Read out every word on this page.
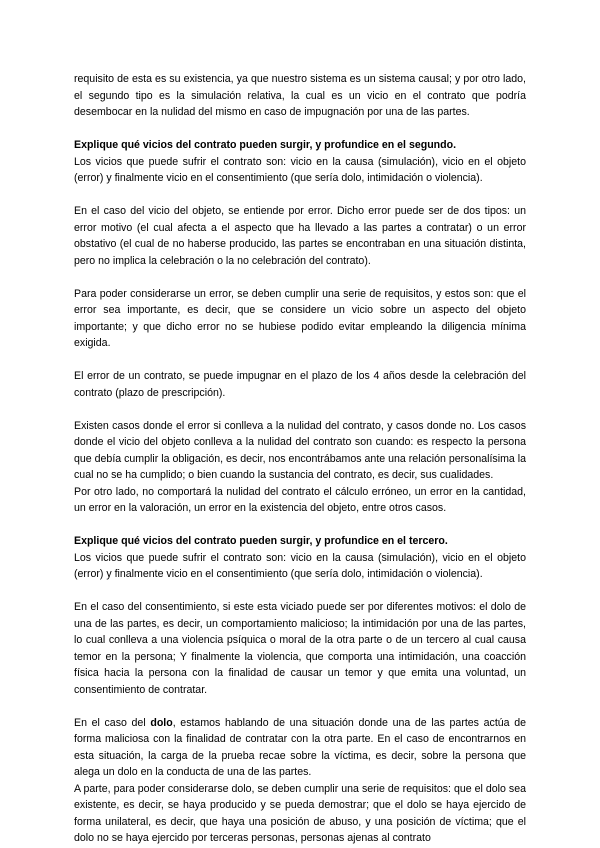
requisito de esta es su existencia, ya que nuestro sistema es un sistema causal; y por otro lado, el segundo tipo es la simulación relativa, la cual es un vicio en el contrato que podría desembocar en la nulidad del mismo en caso de impugnación por una de las partes.

Explique qué vicios del contrato pueden surgir, y profundice en el segundo.

Los vicios que puede sufrir el contrato son: vicio en la causa (simulación), vicio en el objeto (error) y finalmente vicio en el consentimiento (que sería dolo, intimidación o violencia).

En el caso del vicio del objeto, se entiende por error. Dicho error puede ser de dos tipos: un error motivo (el cual afecta a el aspecto que ha llevado a las partes a contratar) o un error obstativo (el cual de no haberse producido, las partes se encontraban en una situación distinta, pero no implica la celebración o la no celebración del contrato).

Para poder considerarse un error, se deben cumplir una serie de requisitos, y estos son: que el error sea importante, es decir, que se considere un vicio sobre un aspecto del objeto importante; y que dicho error no se hubiese podido evitar empleando la diligencia mínima exigida.

El error de un contrato, se puede impugnar en el plazo de los 4 años desde la celebración del contrato (plazo de prescripción).

Existen casos donde el error si conlleva a la nulidad del contrato, y casos donde no. Los casos donde el vicio del objeto conlleva a la nulidad del contrato son cuando: es respecto la persona que debía cumplir la obligación, es decir, nos encontrábamos ante una relación personalísima la cual no se ha cumplido; o bien cuando la sustancia del contrato, es decir, sus cualidades.

Por otro lado, no comportará la nulidad del contrato el cálculo erróneo, un error en la cantidad, un error en la valoración, un error en la existencia del objeto, entre otros casos.

Explique qué vicios del contrato pueden surgir, y profundice en el tercero.

Los vicios que puede sufrir el contrato son: vicio en la causa (simulación), vicio en el objeto (error) y finalmente vicio en el consentimiento (que sería dolo, intimidación o violencia).

En el caso del consentimiento, si este esta viciado puede ser por diferentes motivos: el dolo de una de las partes, es decir, un comportamiento malicioso; la intimidación por una de las partes, lo cual conlleva a una violencia psíquica o moral de la otra parte o de un tercero al cual causa temor en la persona; Y finalmente la violencia, que comporta una intimidación, una coacción física hacia la persona con la finalidad de causar un temor y que emita una voluntad, un consentimiento de contratar.

En el caso del dolo, estamos hablando de una situación donde una de las partes actúa de forma maliciosa con la finalidad de contratar con la otra parte. En el caso de encontrarnos en esta situación, la carga de la prueba recae sobre la víctima, es decir, sobre la persona que alega un dolo en la conducta de una de las partes.

A parte, para poder considerarse dolo, se deben cumplir una serie de requisitos: que el dolo sea existente, es decir, se haya producido y se pueda demostrar; que el dolo se haya ejercido de forma unilateral, es decir, que haya una posición de abuso, y una posición de víctima; que el dolo no se haya ejercido por terceras personas, personas ajenas al contrato
